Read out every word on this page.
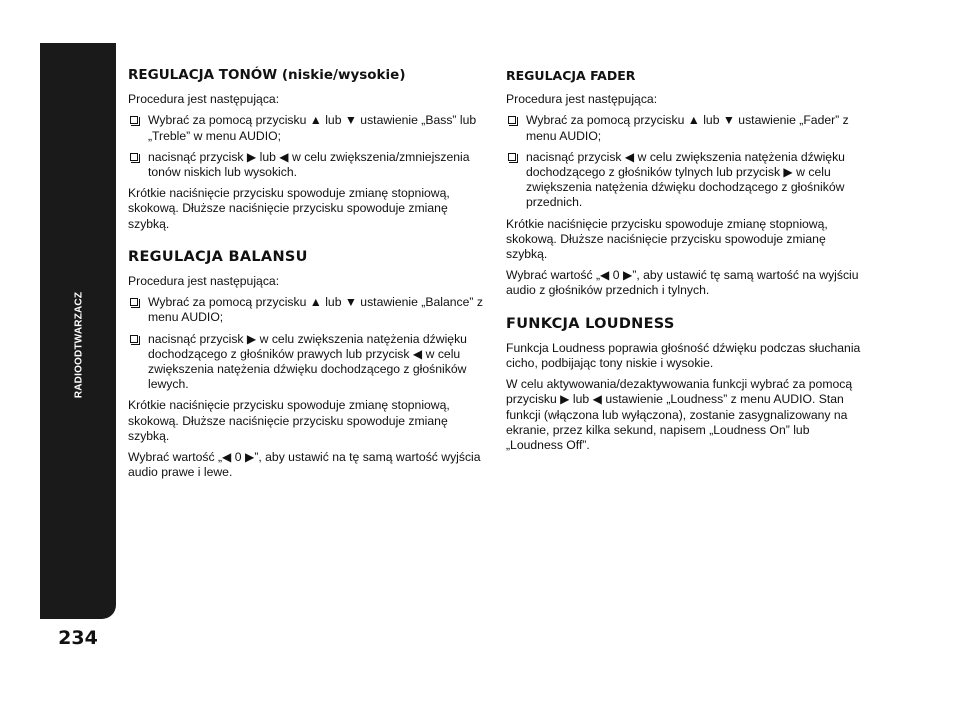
RADIOODTWARZACZ
234
REGULACJA TONÓW (niskie/wysokie)

Procedura jest następująca:

Wybrać za pomocą przycisku ▲ lub ▼ ustawienie „Bass” lub „Treble” w menu AUDIO;
nacisnąć przycisk ▶ lub ◀ w celu zwiększenia/zmniejszenia tonów niskich lub wysokich.

Krótkie naciśnięcie przycisku spowoduje zmianę stopniową, skokową. Dłuższe naciśnięcie przycisku spowoduje zmianę szybką.

REGULACJA BALANSU

Procedura jest następująca:

Wybrać za pomocą przycisku ▲ lub ▼ ustawienie „Balance” z menu AUDIO;
nacisnąć przycisk ▶ w celu zwiększenia natężenia dźwięku dochodzącego z głośników prawych lub przycisk ◀ w celu zwiększenia natężenia dźwięku dochodzącego z głośników lewych.

Krótkie naciśnięcie przycisku spowoduje zmianę stopniową, skokową. Dłuższe naciśnięcie przycisku spowoduje zmianę szybką.

Wybrać wartość „◀ 0 ▶”, aby ustawić na tę samą wartość wyjścia audio prawe i lewe.

REGULACJA FADER

Procedura jest następująca:

Wybrać za pomocą przycisku ▲ lub ▼ ustawienie „Fader” z menu AUDIO;
nacisnąć przycisk ◀ w celu zwiększenia natężenia dźwięku dochodzącego z głośników tylnych lub przycisk ▶ w celu zwiększenia natężenia dźwięku dochodzącego z głośników przednich.

Krótkie naciśnięcie przycisku spowoduje zmianę stopniową, skokową. Dłuższe naciśnięcie przycisku spowoduje zmianę szybką.

Wybrać wartość „◀ 0 ▶”, aby ustawić tę samą wartość na wyjściu audio z głośników przednich i tylnych.

FUNKCJA LOUDNESS

Funkcja Loudness poprawia głośność dźwięku podczas słuchania cicho, podbijając tony niskie i wysokie.

W celu aktywowania/dezaktywowania funkcji wybrać za pomocą przycisku ▶ lub ◀ ustawienie „Loudness” z menu AUDIO. Stan funkcji (włączona lub wyłączona), zostanie zasygnalizowany na ekranie, przez kilka sekund, napisem „Loudness On” lub „Loudness Off”.
